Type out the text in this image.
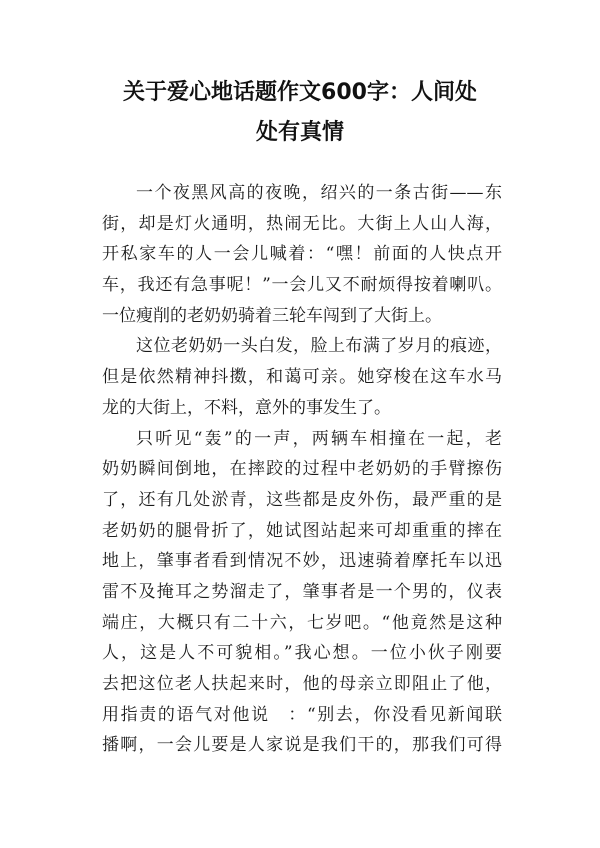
关于爱心地话题作文600字：人间处
处有真情
一个夜黑风高的夜晚，绍兴的一条古街——东
街，却是灯火通明，热闹无比。大街上人山人海，
开私家车的人一会儿喊着：“嘿！前面的人快点开
车，我还有急事呢！”一会儿又不耐烦得按着喇叭。
一位瘦削的老奶奶骑着三轮车闯到了大街上。
这位老奶奶一头白发，脸上布满了岁月的痕迹，
但是依然精神抖擞，和蔼可亲。她穿梭在这车水马
龙的大街上，不料，意外的事发生了。
只听见“轰”的一声，两辆车相撞在一起，老
奶奶瞬间倒地，在摔跤的过程中老奶奶的手臂擦伤
了，还有几处淤青，这些都是皮外伤，最严重的是
老奶奶的腿骨折了，她试图站起来可却重重的摔在
地上，肇事者看到情况不妙，迅速骑着摩托车以迅
雷不及掩耳之势溜走了，肇事者是一个男的，仪表
端庄，大概只有二十六，七岁吧。“他竟然是这种
人，这是人不可貌相。”我心想。一位小伙子刚要
去把这位老人扶起来时，他的母亲立即阻止了他，
用指责的语气对他说　：“别去，你没看见新闻联
播啊，一会儿要是人家说是我们干的，那我们可得
